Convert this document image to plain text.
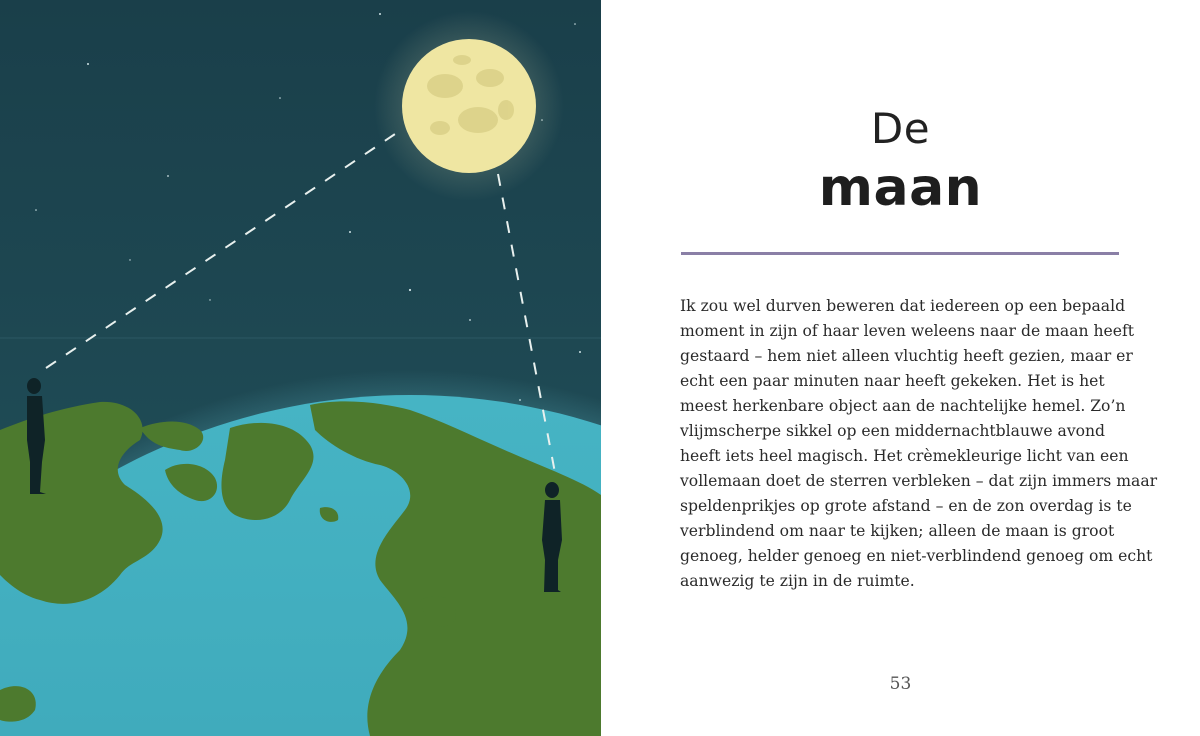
De
maan

Ik zou wel durven beweren dat iedereen op een bepaald
moment in zijn of haar leven weleens naar de maan heeft
gestaard – hem niet alleen vluchtig heeft gezien, maar er
echt een paar minuten naar heeft gekeken. Het is het
meest herkenbare object aan de nachtelijke hemel. Zo’n
vlijmscherpe sikkel op een middernachtblauwe avond
heeft iets heel magisch. Het crèmekleurige licht van een
vollemaan doet de sterren verbleken – dat zijn immers maar
speldenprikjes op grote afstand – en de zon overdag is te
verblindend om naar te kijken; alleen de maan is groot
genoeg, helder genoeg en niet-verblindend genoeg om echt
aanwezig te zijn in de ruimte.

53
